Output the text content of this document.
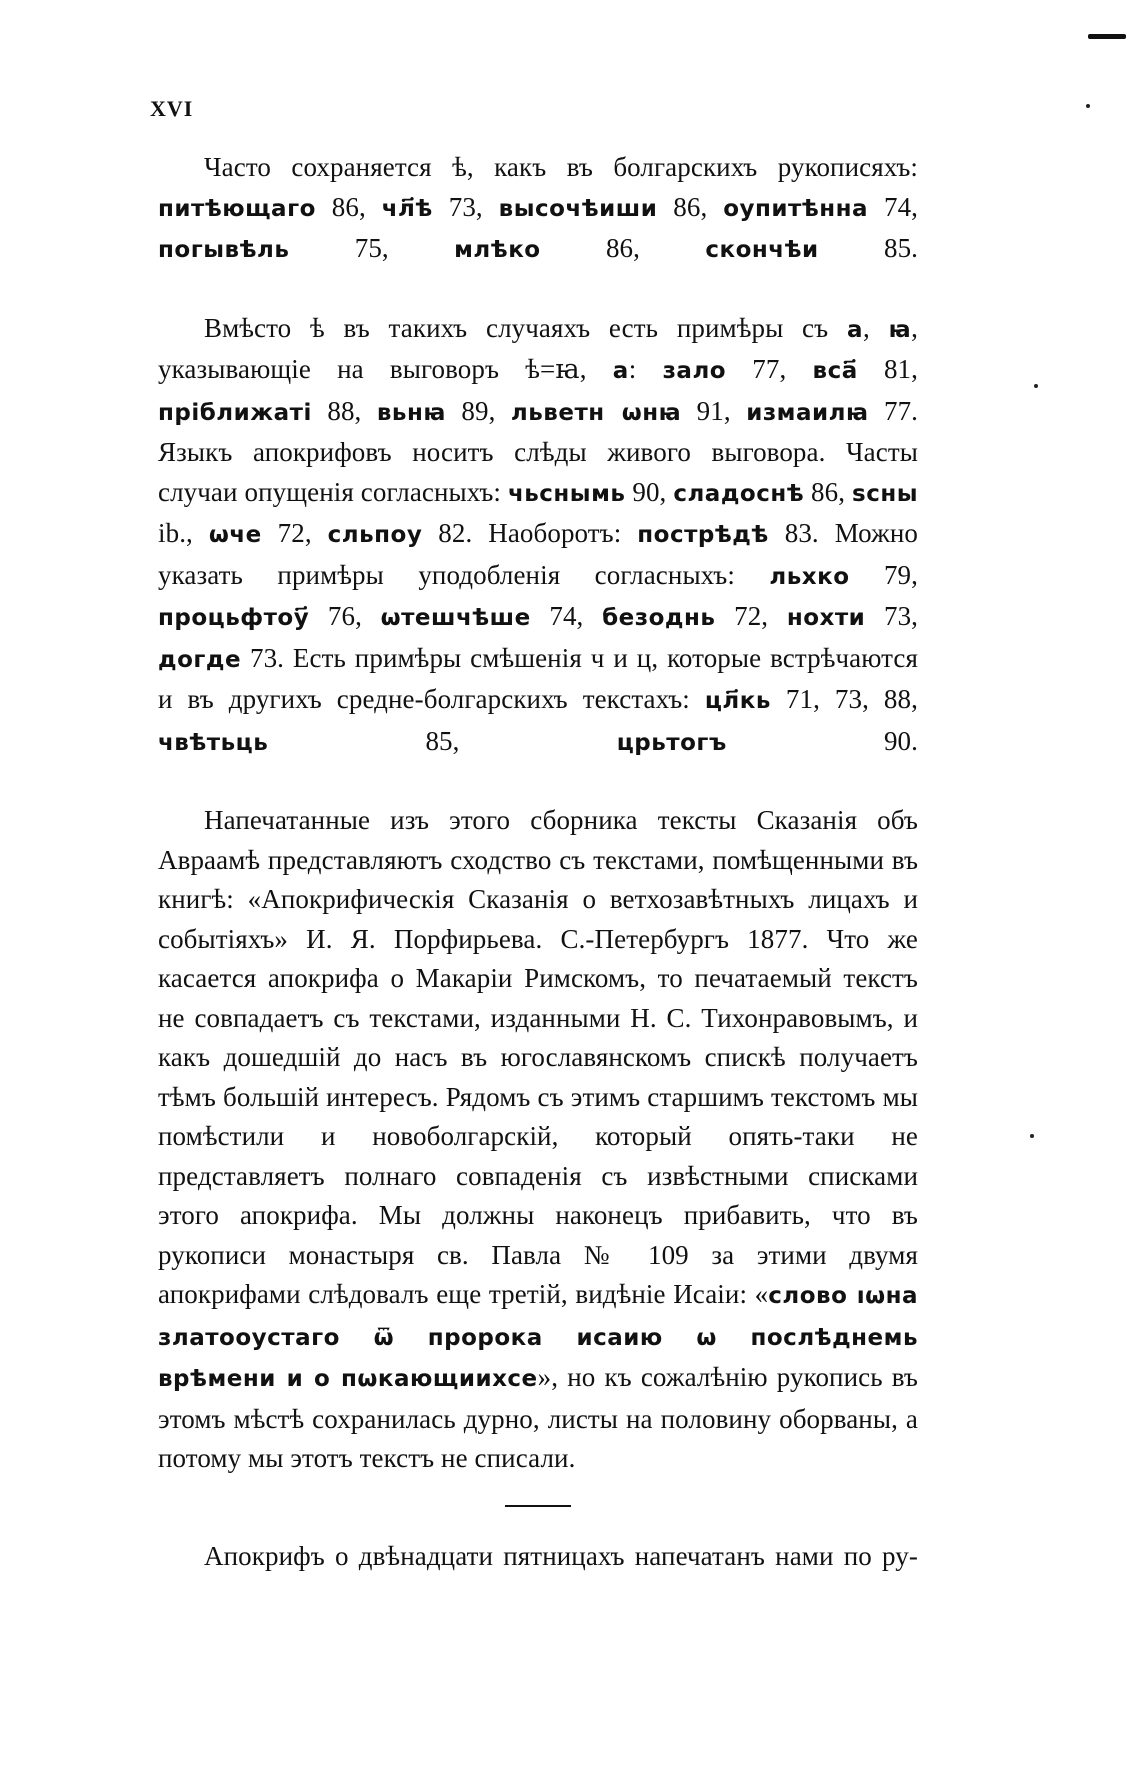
XVI

Часто сохраняется ѣ, какъ въ болгарскихъ рукописяхъ: питѣющаго 86, чл҃ѣ 73, высочѣиши 86, оупитѣнна 74, погывѣль 75, млѣко 86, скончѣи 85.

Вмѣсто ѣ въ такихъ случаяхъ есть примѣры съ а, ꙗ, указывающіе на выговоръ ѣ=ꙗ, а: зало 77, вса҃ 81, пріближаті 88, вьнꙗ 89, льветн ѡнꙗ 91, измаилꙗ 77. Языкъ апокрифовъ носитъ слѣды живого выговора. Часты случаи опущенія согласныхъ: чьснымь 90, сладоснѣ 86, ѕсны ib., ѡче 72, сльпоу 82. Наоборотъ: пострѣдѣ 83. Можно указать примѣры уподобленія согласныхъ: льхко 79, процьфтоу҃ 76, ѡтешчѣше 74, безоднь 72, нохти 73, догде 73. Есть примѣры смѣшенія ч и ц, которые встрѣчаются и въ другихъ средне-болгарскихъ текстахъ: цл҃кь 71, 73, 88, чвѣтьць 85, црьтогъ 90.

Напечатанные изъ этого сборника тексты Сказанія объ Авраамѣ представляютъ сходство съ текстами, помѣщенными въ книгѣ: «Апокрифическія Сказанія о ветхозавѣтныхъ лицахъ и событіяхъ» И. Я. Порфирьева. С.-Петербургъ 1877. Что же касается апокрифа о Макаріи Римскомъ, то печатаемый текстъ не совпадаетъ съ текстами, изданными Н. С. Тихонравовымъ, и какъ дошедшій до насъ въ югославянскомъ спискѣ получаетъ тѣмъ большій интересъ. Рядомъ съ этимъ старшимъ текстомъ мы помѣстили и новоболгарскій, который опять-таки не представляетъ полнаго совпаденія съ извѣстными списками этого апокрифа. Мы должны наконецъ прибавить, что въ рукописи монастыря св. Павла № 109 за этими двумя апокрифами слѣдовалъ еще третій, видѣніе Исаіи: «слово ıωна златооустаго ѿ пророка исаию ѡ послѣднемь врѣмени и о пωкающиихсе», но къ сожалѣнію рукопись въ этомъ мѣстѣ сохранилась дурно, листы на половину оборваны, а потому мы этотъ текстъ не списали.

Апокрифъ о двѣнадцати пятницахъ напечатанъ нами по ру-
